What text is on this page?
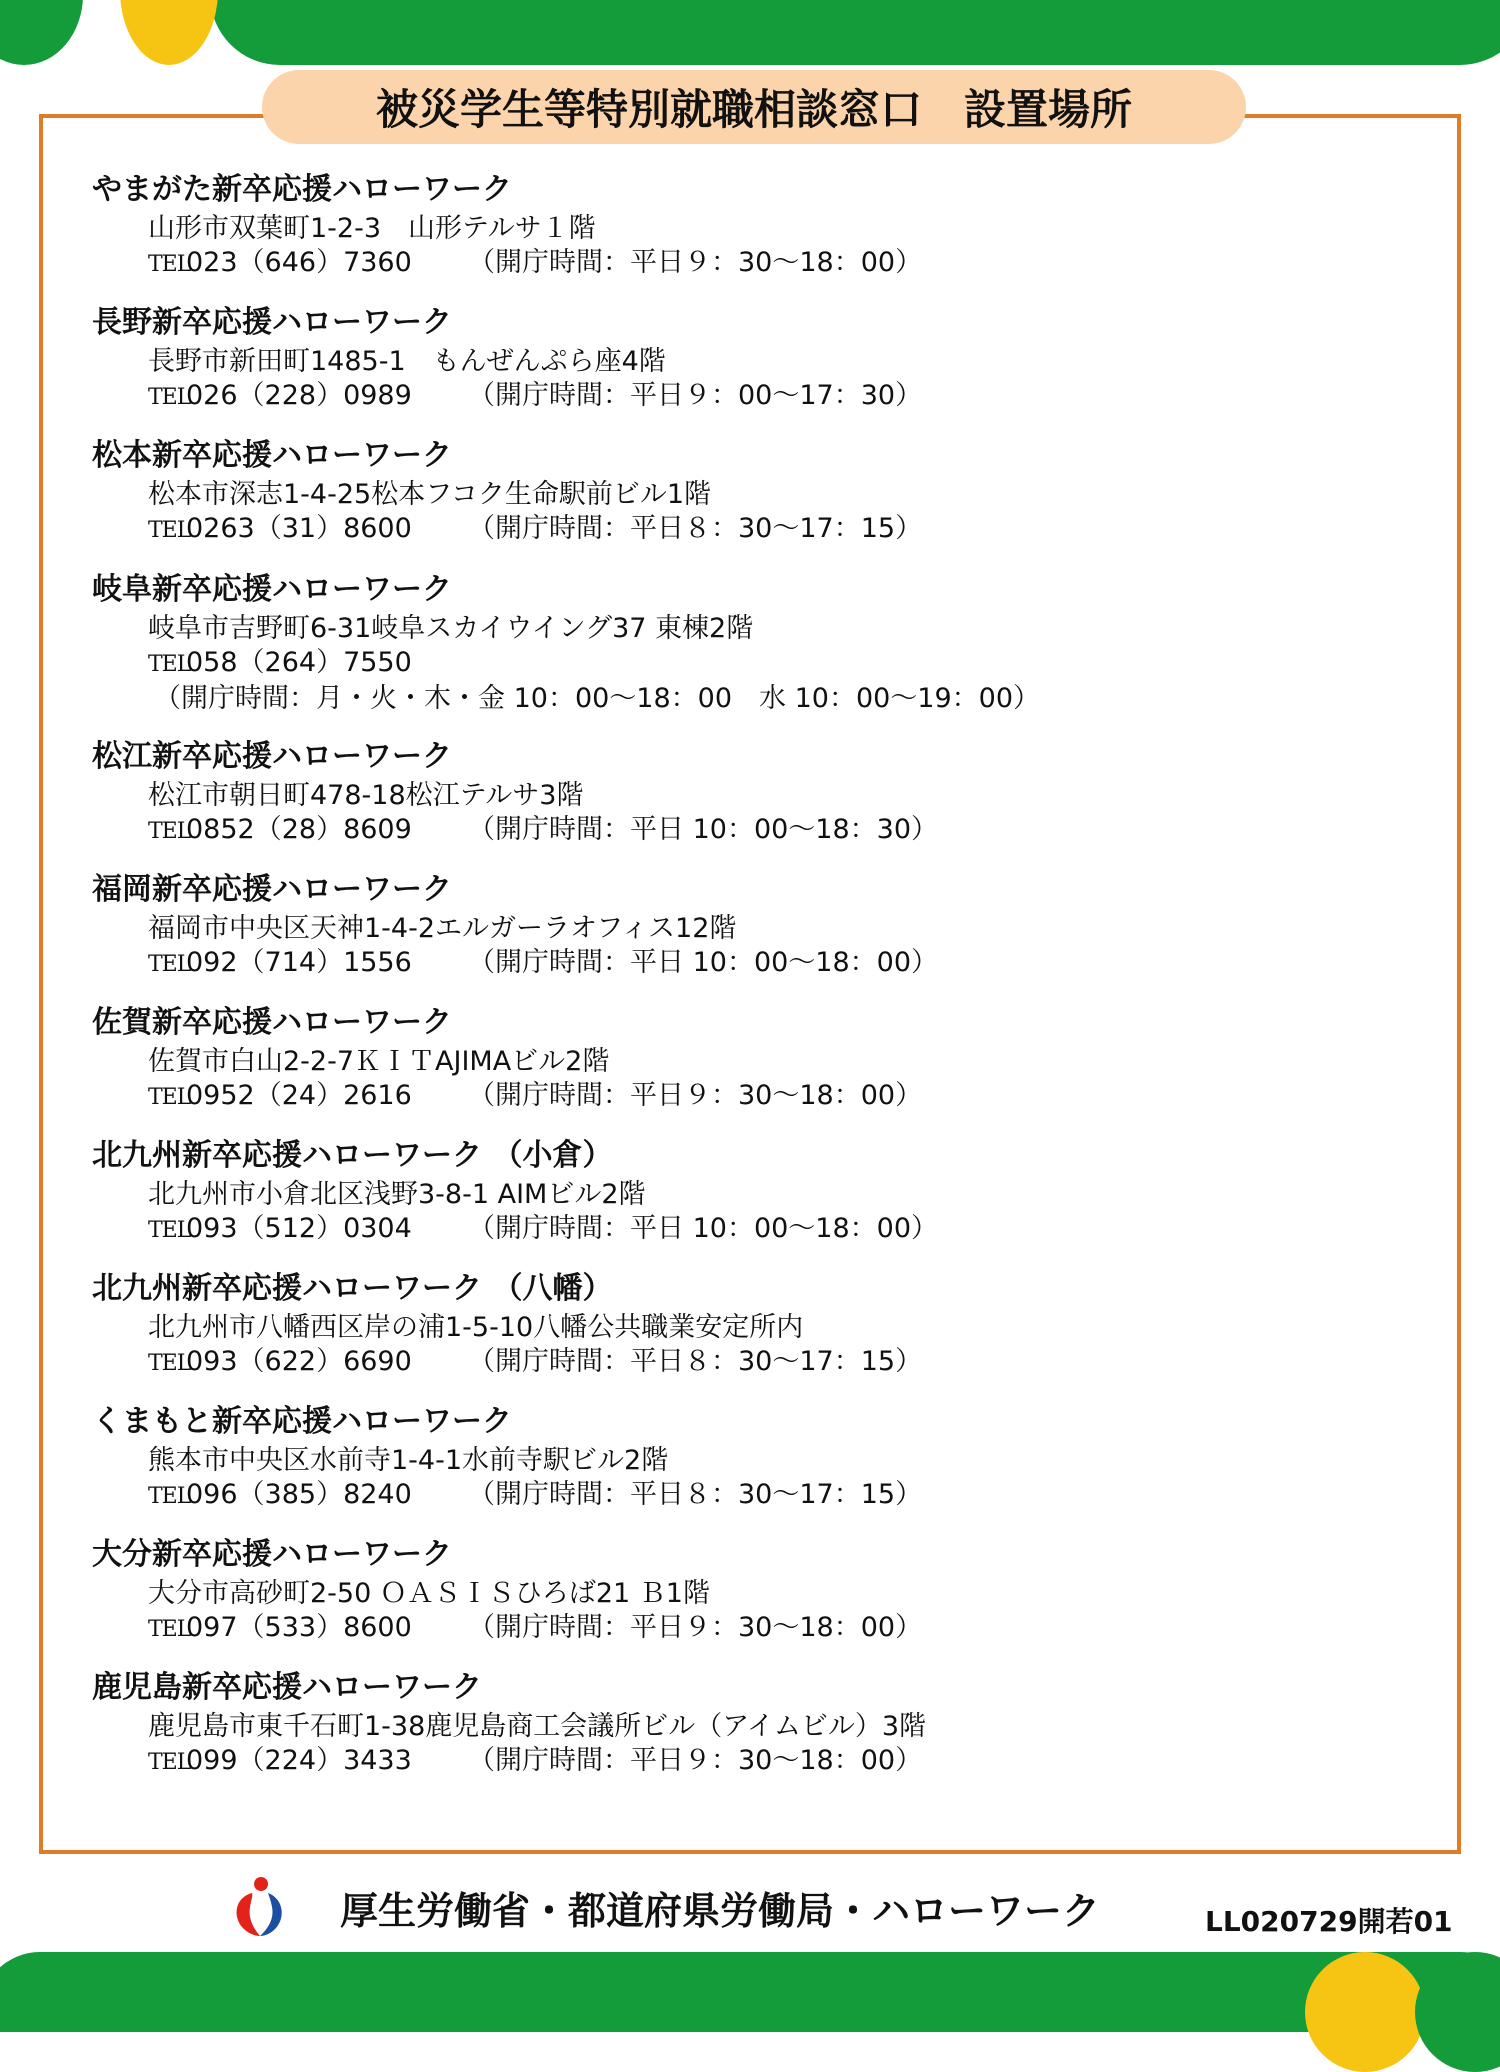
被災学生等特別就職相談窓口　設置場所
やまがた新卒応援ハローワーク
山形市双葉町1-2-3　山形テルサ１階
TEL023（646）7360 （開庁時間：平日９：30～18：00）
長野新卒応援ハローワーク
長野市新田町1485-1　もんぜんぷら座4階
TEL026（228）0989 （開庁時間：平日９：00～17：30）
松本新卒応援ハローワーク
松本市深志1-4-25松本フコク生命駅前ビル1階
TEL0263（31）8600 （開庁時間：平日８：30～17：15）
岐阜新卒応援ハローワーク
岐阜市吉野町6-31岐阜スカイウイング37 東棟2階
TEL058（264）7550
（開庁時間：月・火・木・金 10：00～18：00　水 10：00～19：00）
松江新卒応援ハローワーク
松江市朝日町478-18松江テルサ3階
TEL0852（28）8609 （開庁時間：平日 10：00～18：30）
福岡新卒応援ハローワーク
福岡市中央区天神1-4-2エルガーラオフィス12階
TEL092（714）1556 （開庁時間：平日 10：00～18：00）
佐賀新卒応援ハローワーク
佐賀市白山2-2-7ＫＩＴAJIMAビル2階
TEL0952（24）2616 （開庁時間：平日９：30～18：00）
北九州新卒応援ハローワーク （小倉）
北九州市小倉北区浅野3-8-1 AIMビル2階
TEL093（512）0304 （開庁時間：平日 10：00～18：00）
北九州新卒応援ハローワーク （八幡）
北九州市八幡西区岸の浦1-5-10八幡公共職業安定所内
TEL093（622）6690 （開庁時間：平日８：30～17：15）
くまもと新卒応援ハローワーク
熊本市中央区水前寺1-4-1水前寺駅ビル2階
TEL096（385）8240 （開庁時間：平日８：30～17：15）
大分新卒応援ハローワーク
大分市高砂町2-50 ＯＡＳＩＳひろば21 Ｂ1階
TEL097（533）8600 （開庁時間：平日９：30～18：00）
鹿児島新卒応援ハローワーク
鹿児島市東千石町1-38鹿児島商工会議所ビル（アイムビル）3階
TEL099（224）3433 （開庁時間：平日９：30～18：00）
厚生労働省・都道府県労働局・ハローワーク	LL020729開若01
